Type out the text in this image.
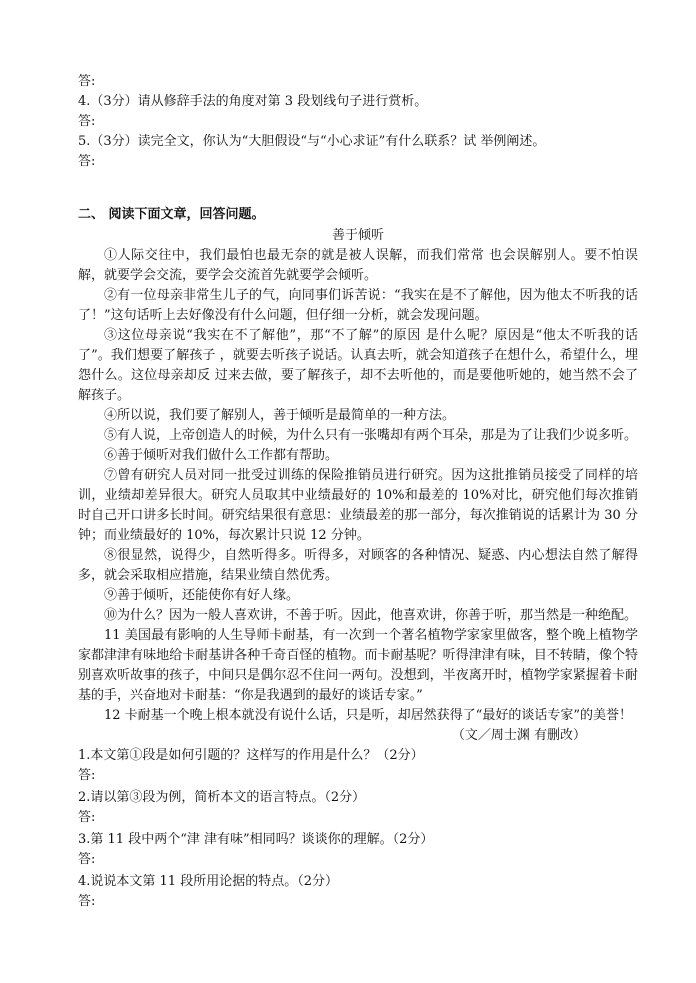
答:
4.（3分）请从修辞手法的角度对第 3 段划线句子进行赏析。
答:
5.（3分）读完全文，你认为“大胆假设“与“小心求证”有什么联系？试 举例阐述。
答:
二、 阅读下面文章，回答问题。
善于倾听
①人际交往中，我们最怕也最无奈的就是被人误解，而我们常常 也会误解别人。要不怕误解，就要学会交流，要学会交流首先就要学会倾听。
②有一位母亲非常生儿子的气，向同事们诉苦说：“我实在是不了解他，因为他太不听我的话了！”这句话听上去好像没有什么问题，但仔细一分析，就会发现问题。
③这位母亲说“我实在不了解他”，那“不了解”的原因 是什么呢？原因是“他太不听我的话了”。我们想要了解孩子 ，就要去听孩子说话。认真去听，就会知道孩子在想什么，希望什么，埋怨什么。这位母亲却反 过来去做，要了解孩子，却不去听他的，而是要他听她的，她当然不会了解孩子。
④所以说，我们要了解别人，善于倾听是最简单的一种方法。
⑤有人说，上帝创造人的时候，为什么只有一张嘴却有两个耳朵，那是为了让我们少说多听。
⑥善于倾听对我们做什么工作都有帮助。
⑦曾有研究人员对同一批受过训练的保险推销员进行研究。因为这批推销员接受了同样的培训，业绩却差异很大。研究人员取其中业绩最好的 10%和最差的 10%对比，研究他们每次推销时自己开口讲多长时间。研究结果很有意思：业绩最差的那一部分，每次推销说的话累计为 30 分钟；而业绩最好的 10%，每次累计只说 12 分钟。
⑧很显然，说得少，自然听得多。听得多，对顾客的各种情况、疑惑、内心想法自然了解得多，就会采取相应措施，结果业绩自然优秀。
⑨善于倾听，还能使你有好人缘。
⑩为什么？因为一般人喜欢讲，不善于听。因此，他喜欢讲，你善于听，那当然是一种绝配。
11 美国最有影响的人生导师卡耐基，有一次到一个著名植物学家家里做客，整个晚上植物学家都津津有味地给卡耐基讲各种千奇百怪的植物。而卡耐基呢？听得津津有味，目不转睛，像个特别喜欢听故事的孩子，中间只是偶尔忍不住问一两句。没想到，半夜离开时，植物学家紧握着卡耐基的手，兴奋地对卡耐基：“你是我遇到的最好的谈话专家。”
12 卡耐基一个晚上根本就没有说什么话，只是听，却居然获得了“最好的谈话专家”的美誉！
（文／周士渊 有删改）
1.本文第①段是如何引题的？这样写的作用是什么？（2分）
答:
2.请以第③段为例，简析本文的语言特点。（2分）
答:
3.第 11 段中两个“津 津有味”相同吗？谈谈你的理解。（2分）
答:
4.说说本文第 11 段所用论据的特点。（2分）
答:
